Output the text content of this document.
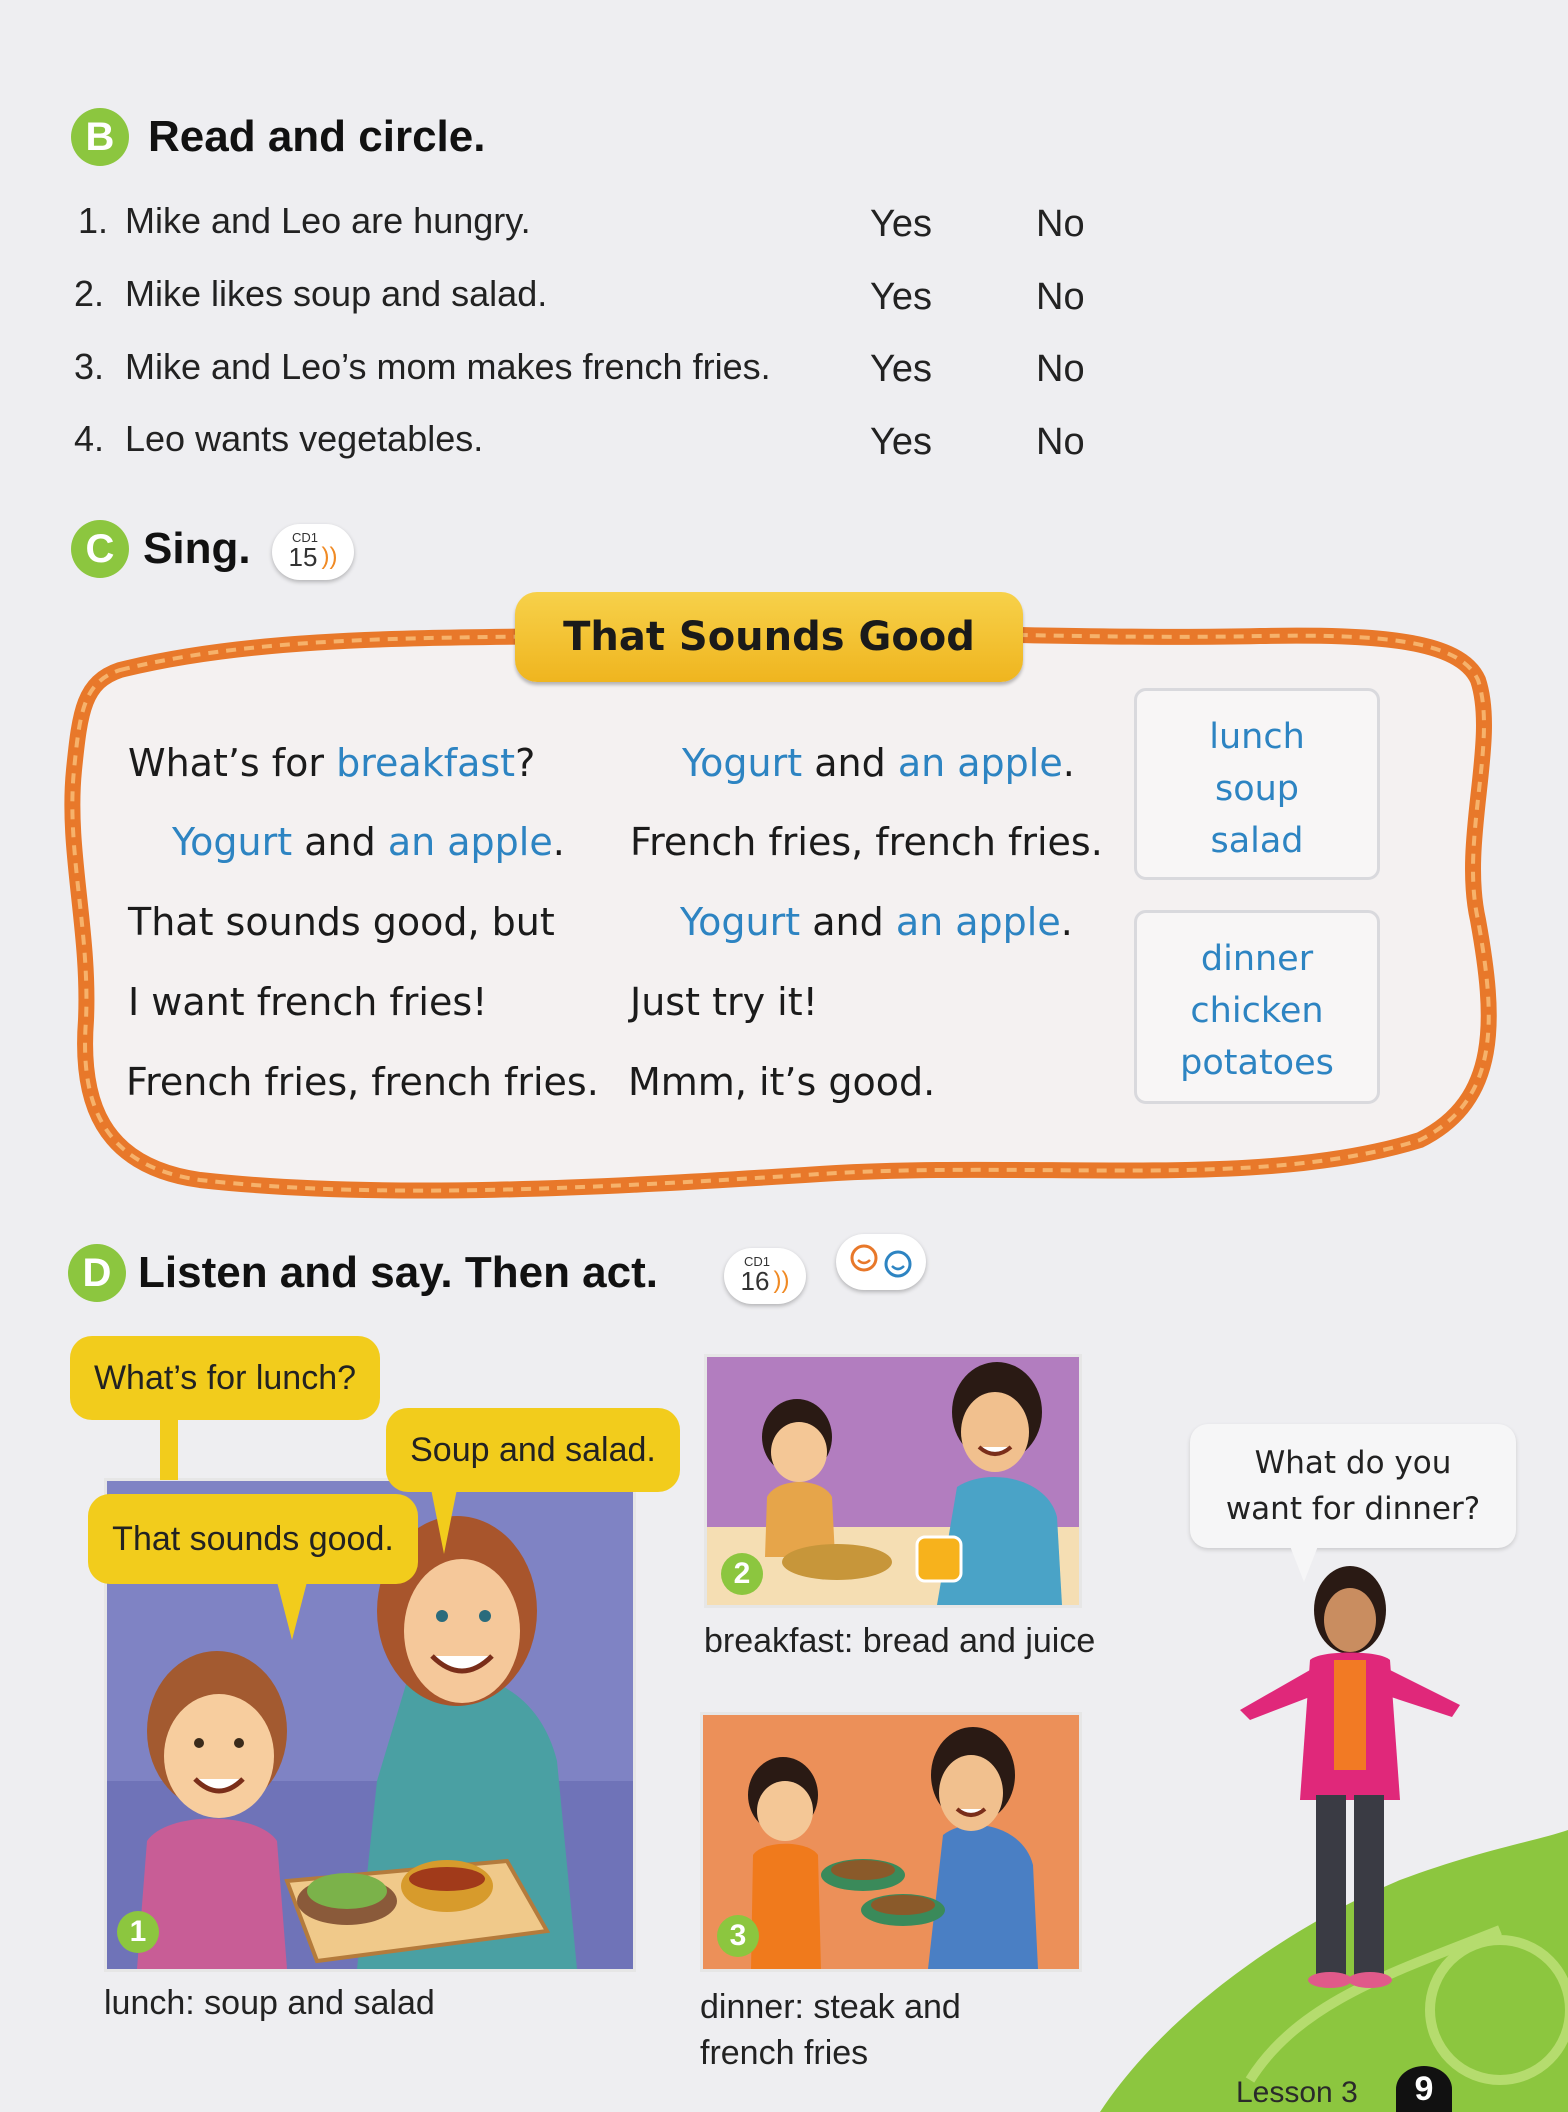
B Read and circle.
1. Mike and Leo are hungry.	Yes	No
2. Mike likes soup and salad.	Yes	No
3. Mike and Leo’s mom makes french fries.	Yes	No
4. Leo wants vegetables.	Yes	No
C Sing.	CD1
15 ))
That Sounds Good
What’s for breakfast?
Yogurt and an apple.
That sounds good, but
I want french fries!
French fries, french fries.
Yogurt and an apple.
French fries, french fries.
Yogurt and an apple.
Just try it!
Mmm, it’s good.
lunch
soup
salad
dinner
chicken
potatoes
D Listen and say. Then act.	CD1
16 ))
1
lunch: soup and salad
What’s for lunch?
Soup and salad.
That sounds good.
2
breakfast: bread and juice
3
dinner: steak and
french fries
What do you
want for dinner?
Lesson 3	9
